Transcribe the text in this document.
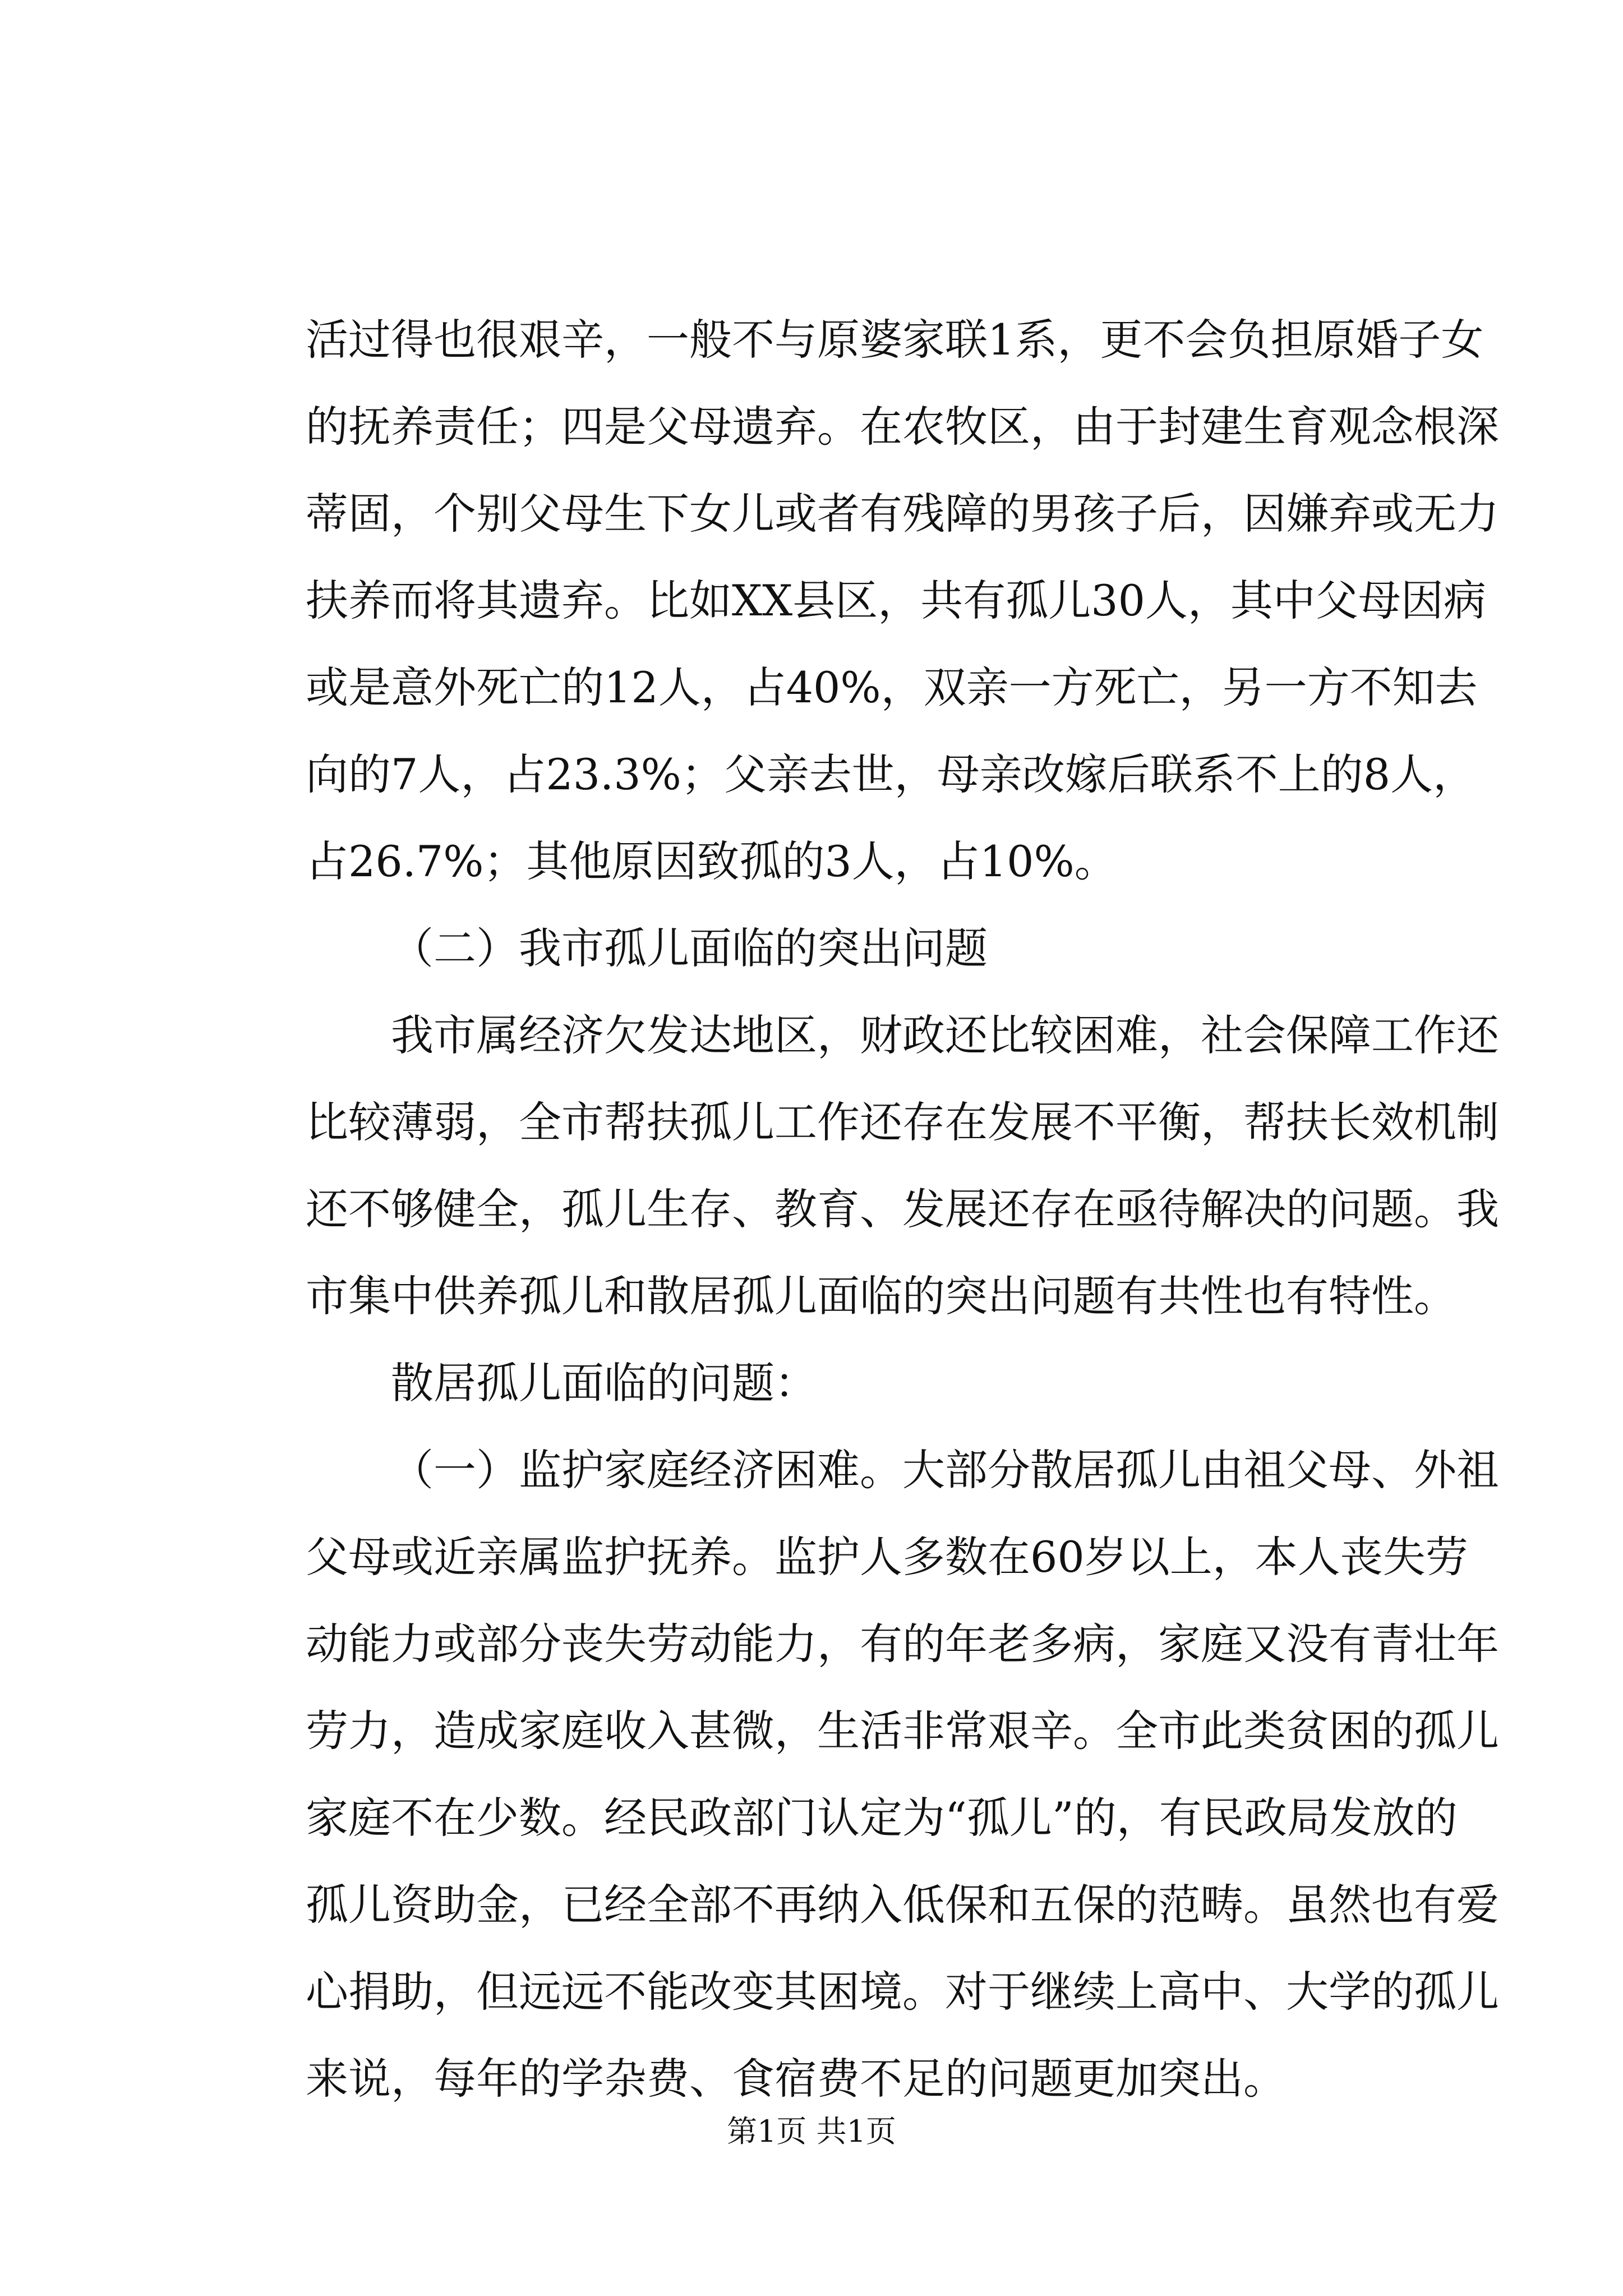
活过得也很艰辛，一般不与原婆家联1系，更不会负担原婚子女
的抚养责任；四是父母遗弃。在农牧区，由于封建生育观念根深
蒂固，个别父母生下女儿或者有残障的男孩子后，因嫌弃或无力
扶养而将其遗弃。比如XX县区，共有孤儿30人，其中父母因病
或是意外死亡的12人，占40%，双亲一方死亡，另一方不知去
向的7人，占23.3%；父亲去世，母亲改嫁后联系不上的8人，
占26.7%；其他原因致孤的3人，占10%。
（二）我市孤儿面临的突出问题
我市属经济欠发达地区，财政还比较困难，社会保障工作还
比较薄弱，全市帮扶孤儿工作还存在发展不平衡，帮扶长效机制
还不够健全，孤儿生存、教育、发展还存在亟待解决的问题。我
市集中供养孤儿和散居孤儿面临的突出问题有共性也有特性。
散居孤儿面临的问题：
（一）监护家庭经济困难。大部分散居孤儿由祖父母、外祖
父母或近亲属监护抚养。监护人多数在60岁以上，本人丧失劳
动能力或部分丧失劳动能力，有的年老多病，家庭又没有青壮年
劳力，造成家庭收入甚微，生活非常艰辛。全市此类贫困的孤儿
家庭不在少数。经民政部门认定为“孤儿”的，有民政局发放的
孤儿资助金，已经全部不再纳入低保和五保的范畴。虽然也有爱
心捐助，但远远不能改变其困境。对于继续上高中、大学的孤儿
来说，每年的学杂费、食宿费不足的问题更加突出。
第1页 共1页
